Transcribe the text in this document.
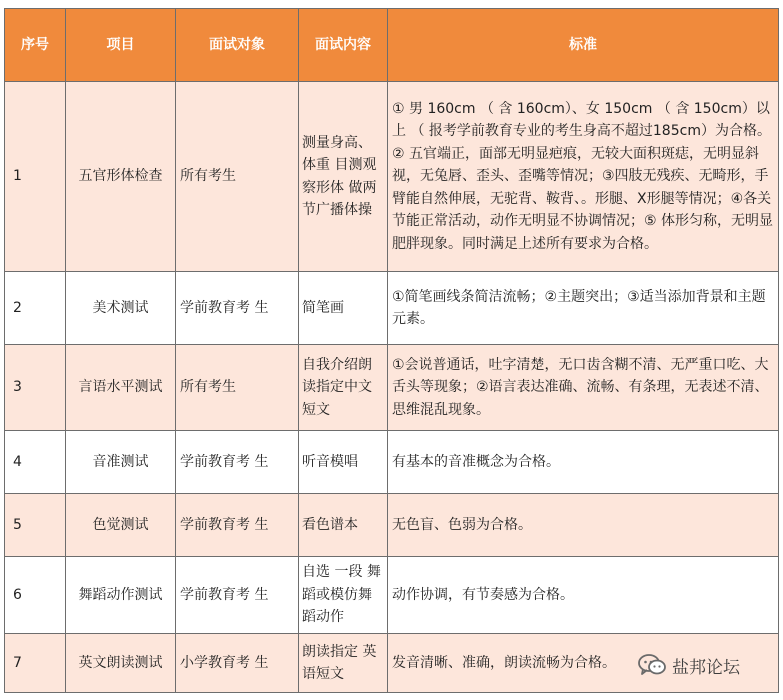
序号	项目	面试对象	面试内容	标准
1	五官形体检查	所有考生	测量身高、体重 目测观察形体 做两节广播体操	① 男 160cm （ 含 160cm）、女 150cm （ 含 150cm）以上 （ 报考学前教育专业的考生身高不超过185cm）为合格。 ② 五官端正，面部无明显疤痕，无较大面积斑痣，无明显斜视，无兔唇、歪头、歪嘴等情况；③四肢无残疾、无畸形，手臂能自然伸展，无驼背、鞍背、。形腿、X形腿等情况；④各关节能正常活动，动作无明显不协调情况；⑤ 体形匀称，无明显肥胖现象。同时满足上述所有要求为合格。
2	美术测试	学前教育考 生	简笔画	①简笔画线条简洁流畅；②主题突出；③适当添加背景和主题元素。
3	言语水平测试	所有考生	自我介绍朗读指定中文短文	①会说普通话，吐字清楚，无口齿含糊不清、无严重口吃、大舌头等现象；②语言表达准确、流畅、有条理，无表述不清、思维混乱现象。
4	音准测试	学前教育考 生	听音模唱	有基本的音准概念为合格。
5	色觉测试	学前教育考 生	看色谱本	无色盲、色弱为合格。
6	舞蹈动作测试	学前教育考 生	自选 一段 舞蹈或模仿舞蹈动作	动作协调，有节奏感为合格。
7	英文朗读测试	小学教育考 生	朗读指定 英语短文	发音清晰、准确，朗读流畅为合格。	盐邦论坛
